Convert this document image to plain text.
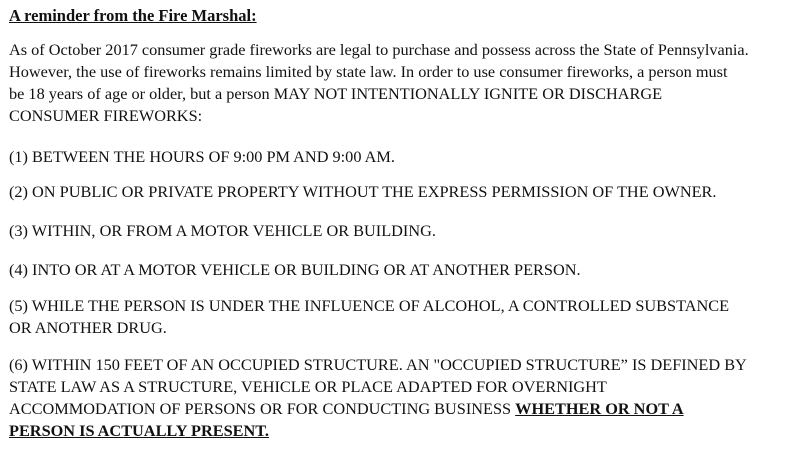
A reminder from the Fire Marshal:
As of October 2017 consumer grade fireworks are legal to purchase and possess across the State of Pennsylvania.
However, the use of fireworks remains limited by state law. In order to use consumer fireworks, a person must
be 18 years of age or older, but a person MAY NOT INTENTIONALLY IGNITE OR DISCHARGE
CONSUMER FIREWORKS:
(1) BETWEEN THE HOURS OF 9:00 PM AND 9:00 AM.
(2) ON PUBLIC OR PRIVATE PROPERTY WITHOUT THE EXPRESS PERMISSION OF THE OWNER.
(3) WITHIN, OR FROM A MOTOR VEHICLE OR BUILDING.
(4) INTO OR AT A MOTOR VEHICLE OR BUILDING OR AT ANOTHER PERSON.
(5) WHILE THE PERSON IS UNDER THE INFLUENCE OF ALCOHOL, A CONTROLLED SUBSTANCE
OR ANOTHER DRUG.
(6) WITHIN 150 FEET OF AN OCCUPIED STRUCTURE. AN "OCCUPIED STRUCTURE” IS DEFINED BY
STATE LAW AS A STRUCTURE, VEHICLE OR PLACE ADAPTED FOR OVERNIGHT
ACCOMMODATION OF PERSONS OR FOR CONDUCTING BUSINESS WHETHER OR NOT A
PERSON IS ACTUALLY PRESENT.
